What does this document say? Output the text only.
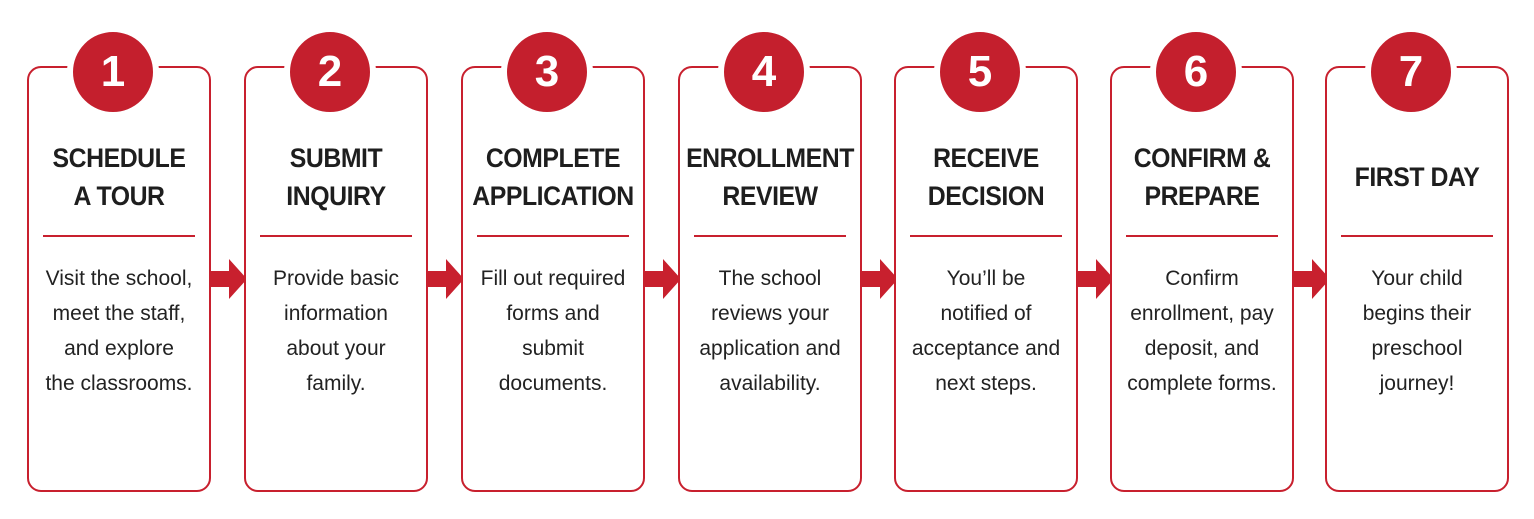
1
SCHEDULE
A TOUR
Visit the school,
meet the staff,
and explore
the classrooms.
2
SUBMIT
INQUIRY
Provide basic
information
about your
family.
3
COMPLETE
APPLICATION
Fill out required
forms and
submit
documents.
4
ENROLLMENT
REVIEW
The school
reviews your
application and
availability.
5
RECEIVE
DECISION
You’ll be
notified of
acceptance and
next steps.
6
CONFIRM &
PREPARE
Confirm
enrollment, pay
deposit, and
complete forms.
7
FIRST DAY
Your child
begins their
preschool
journey!
